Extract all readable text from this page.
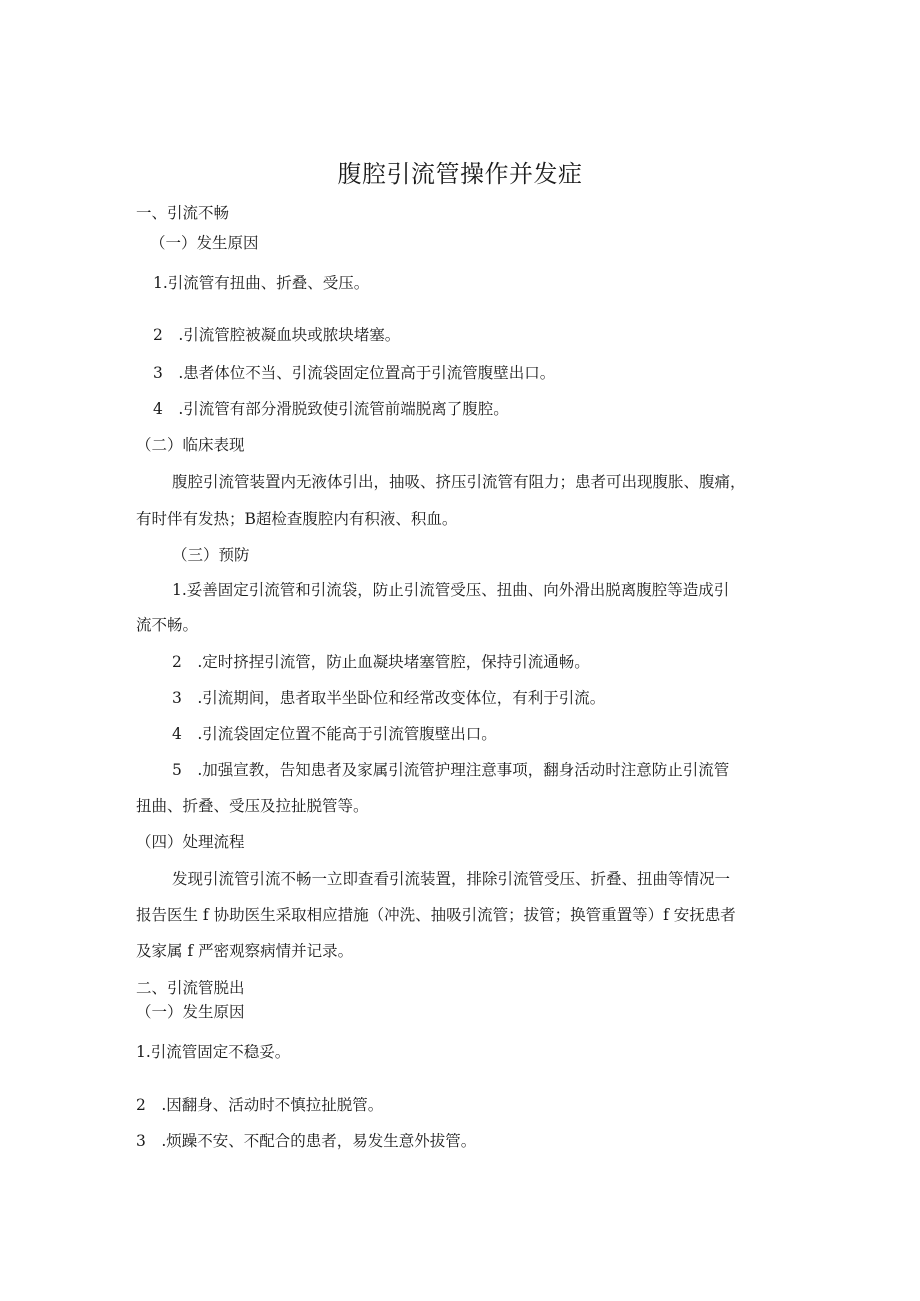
腹腔引流管操作并发症
一、引流不畅
（一）发生原因
1.引流管有扭曲、折叠、受压。
2　.引流管腔被凝血块或脓块堵塞。
3　.患者体位不当、引流袋固定位置高于引流管腹壁出口。
4　.引流管有部分滑脱致使引流管前端脱离了腹腔。
（二）临床表现
腹腔引流管装置内无液体引出，抽吸、挤压引流管有阻力；患者可出现腹胀、腹痛，
有时伴有发热；B超检查腹腔内有积液、积血。
（三）预防
1.妥善固定引流管和引流袋，防止引流管受压、扭曲、向外滑出脱离腹腔等造成引
流不畅。
2　.定时挤捏引流管，防止血凝块堵塞管腔，保持引流通畅。
3　.引流期间，患者取半坐卧位和经常改变体位，有利于引流。
4　.引流袋固定位置不能高于引流管腹壁出口。
5　.加强宣教，告知患者及家属引流管护理注意事项，翻身活动时注意防止引流管
扭曲、折叠、受压及拉扯脱管等。
（四）处理流程
发现引流管引流不畅一立即查看引流装置，排除引流管受压、折叠、扭曲等情况一
报告医生 f 协助医生采取相应措施（冲洗、抽吸引流管；拔管；换管重置等）f 安抚患者
及家属 f 严密观察病情并记录。
二、引流管脱出
（一）发生原因
1.引流管固定不稳妥。
2　.因翻身、活动时不慎拉扯脱管。
3　.烦躁不安、不配合的患者，易发生意外拔管。
